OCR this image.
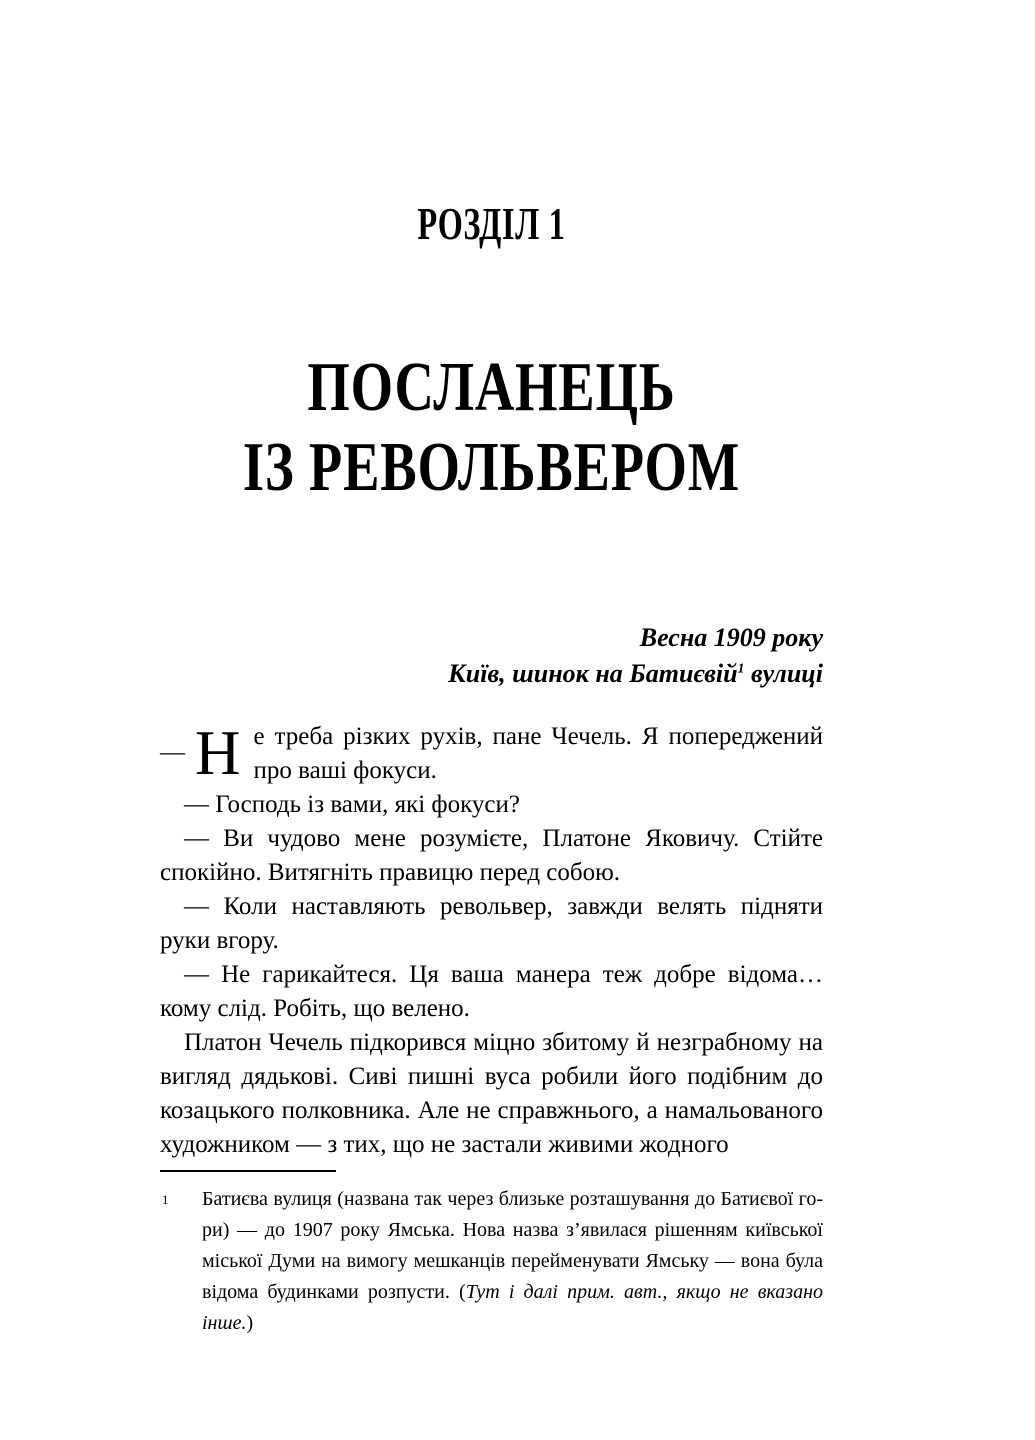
РОЗДІЛ 1
ПОСЛАНЕЦЬ
ІЗ РЕВОЛЬВЕРОМ
Весна 1909 року
Київ, шинок на Батиєвій$^1$ вулиці

— Н е треба різких рухів, пане Чечель. Я попереджений про ваші фокуси.

— Господь із вами, які фокуси?

— Ви чудово мене розумієте, Платоне Яковичу. Стійте спокійно. Витягніть правицю перед собою.

— Коли наставляють револьвер, завжди велять підняти руки вгору.

— Не гарикайтеся. Ця ваша манера теж добре відома… кому слід. Робіть, що велено.

Платон Чечель підкорився міцно збитому й незграбному на вигляд дядькові. Сиві пишні вуса робили його подібним до козацького полковника. Але не справжнього, а намальованого художником — з тих, що не застали живими жодного

1 Батиєва вулиця (названа так через близьке розташування до Батиєвої гори) — до 1907 року Ямська. Нова назва з’явилася рішенням київської міської Думи на вимогу мешканців перейменувати Ямську — вона була відома будинками розпусти. (Тут і далі прим. авт., якщо не вказано інше.)
